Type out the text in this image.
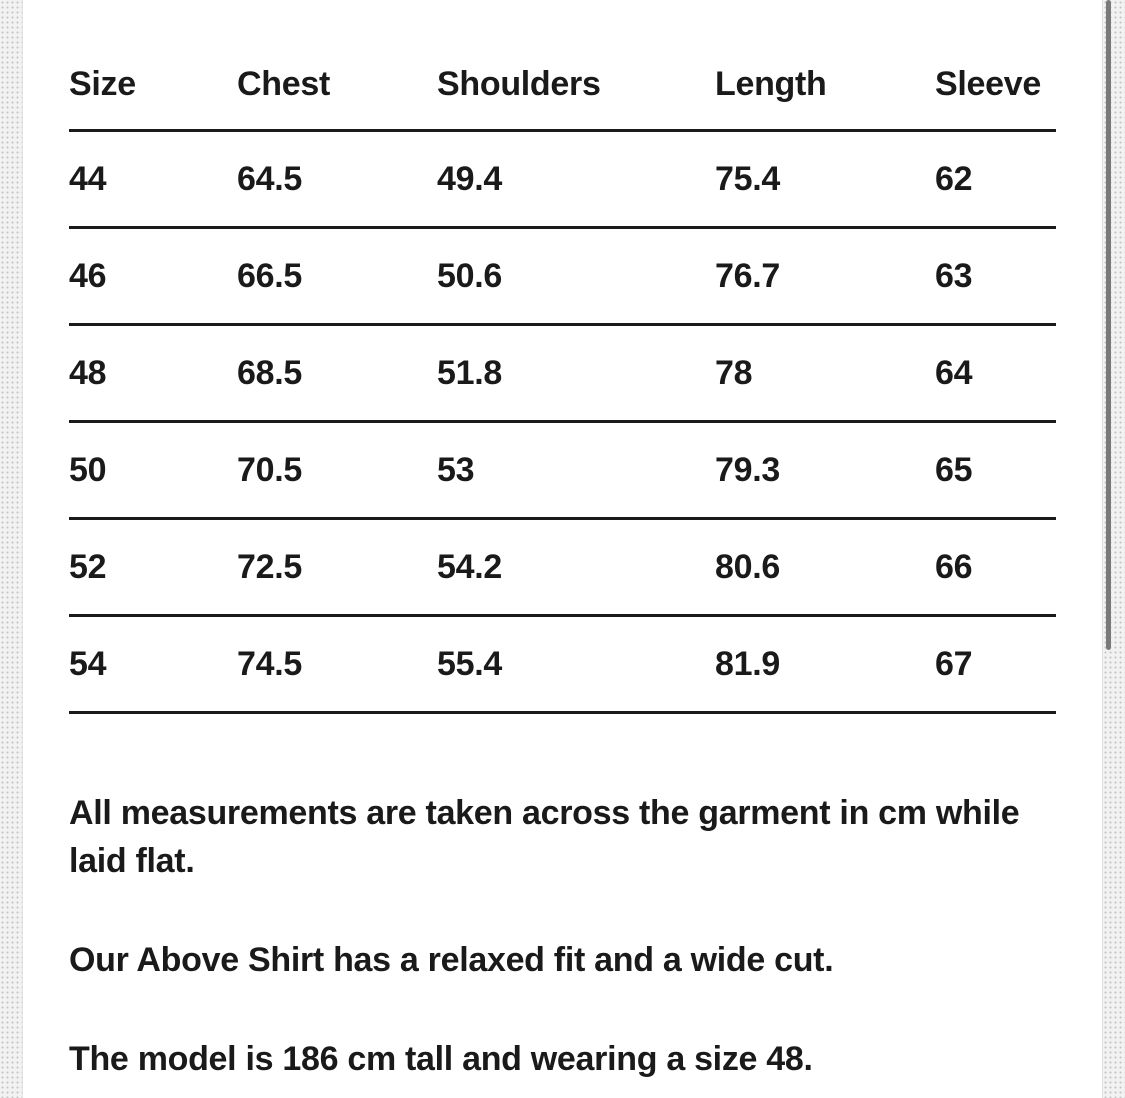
Size	Chest	Shoulders	Length	Sleeve
44	64.5	49.4	75.4	62
46	66.5	50.6	76.7	63
48	68.5	51.8	78	64
50	70.5	53	79.3	65
52	72.5	54.2	80.6	66
54	74.5	55.4	81.9	67

All measurements are taken across the garment in cm while laid flat.

Our Above Shirt has a relaxed fit and a wide cut.

The model is 186 cm tall and wearing a size 48.
